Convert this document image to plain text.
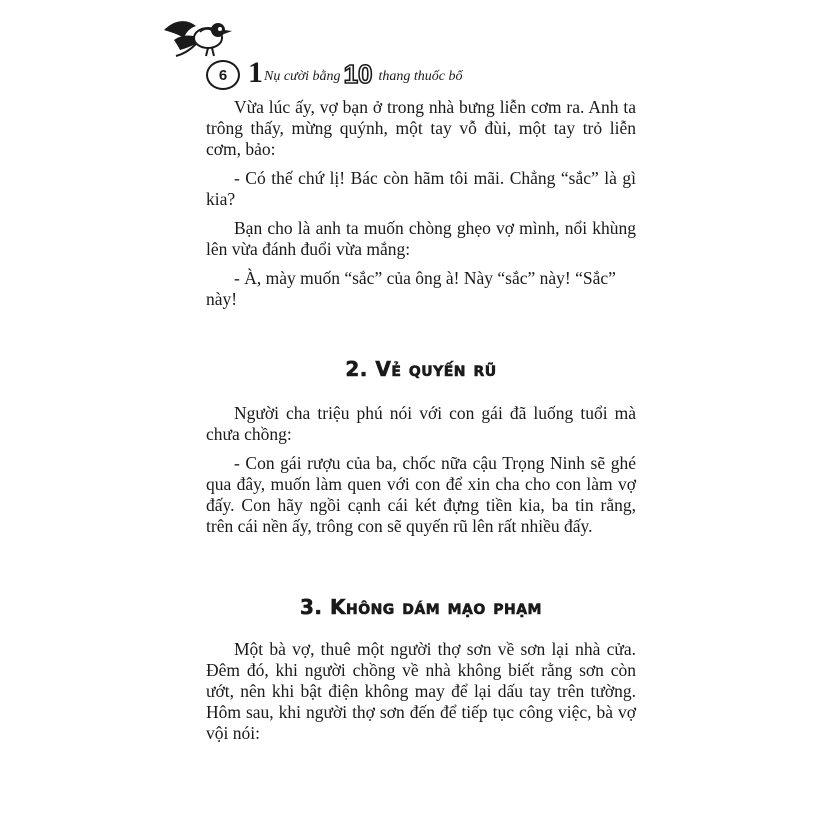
6 1 Nụ cười bằng 10 thang thuốc bổ

Vừa lúc ấy, vợ bạn ở trong nhà bưng liễn cơm ra. Anh ta trông thấy, mừng quýnh, một tay vỗ đùi, một tay trỏ liễn cơm, bảo:

- Có thế chứ lị! Bác còn hãm tôi mãi. Chẳng “sắc” là gì kia?

Bạn cho là anh ta muốn chòng ghẹo vợ mình, nổi khùng lên vừa đánh đuổi vừa mắng:

- À, mày muốn “sắc” của ông à! Này “sắc” này! “Sắc” này!

2. Vẻ quyến rũ

Người cha triệu phú nói với con gái đã luống tuổi mà chưa chồng:

- Con gái rượu của ba, chốc nữa cậu Trọng Ninh sẽ ghé qua đây, muốn làm quen với con để xin cha cho con làm vợ đấy. Con hãy ngồi cạnh cái két đựng tiền kia, ba tin rằng, trên cái nền ấy, trông con sẽ quyến rũ lên rất nhiều đấy.

3. Không dám mạo phạm

Một bà vợ, thuê một người thợ sơn về sơn lại nhà cửa. Đêm đó, khi người chồng về nhà không biết rằng sơn còn ướt, nên khi bật điện không may để lại dấu tay trên tường. Hôm sau, khi người thợ sơn đến để tiếp tục công việc, bà vợ vội nói:
